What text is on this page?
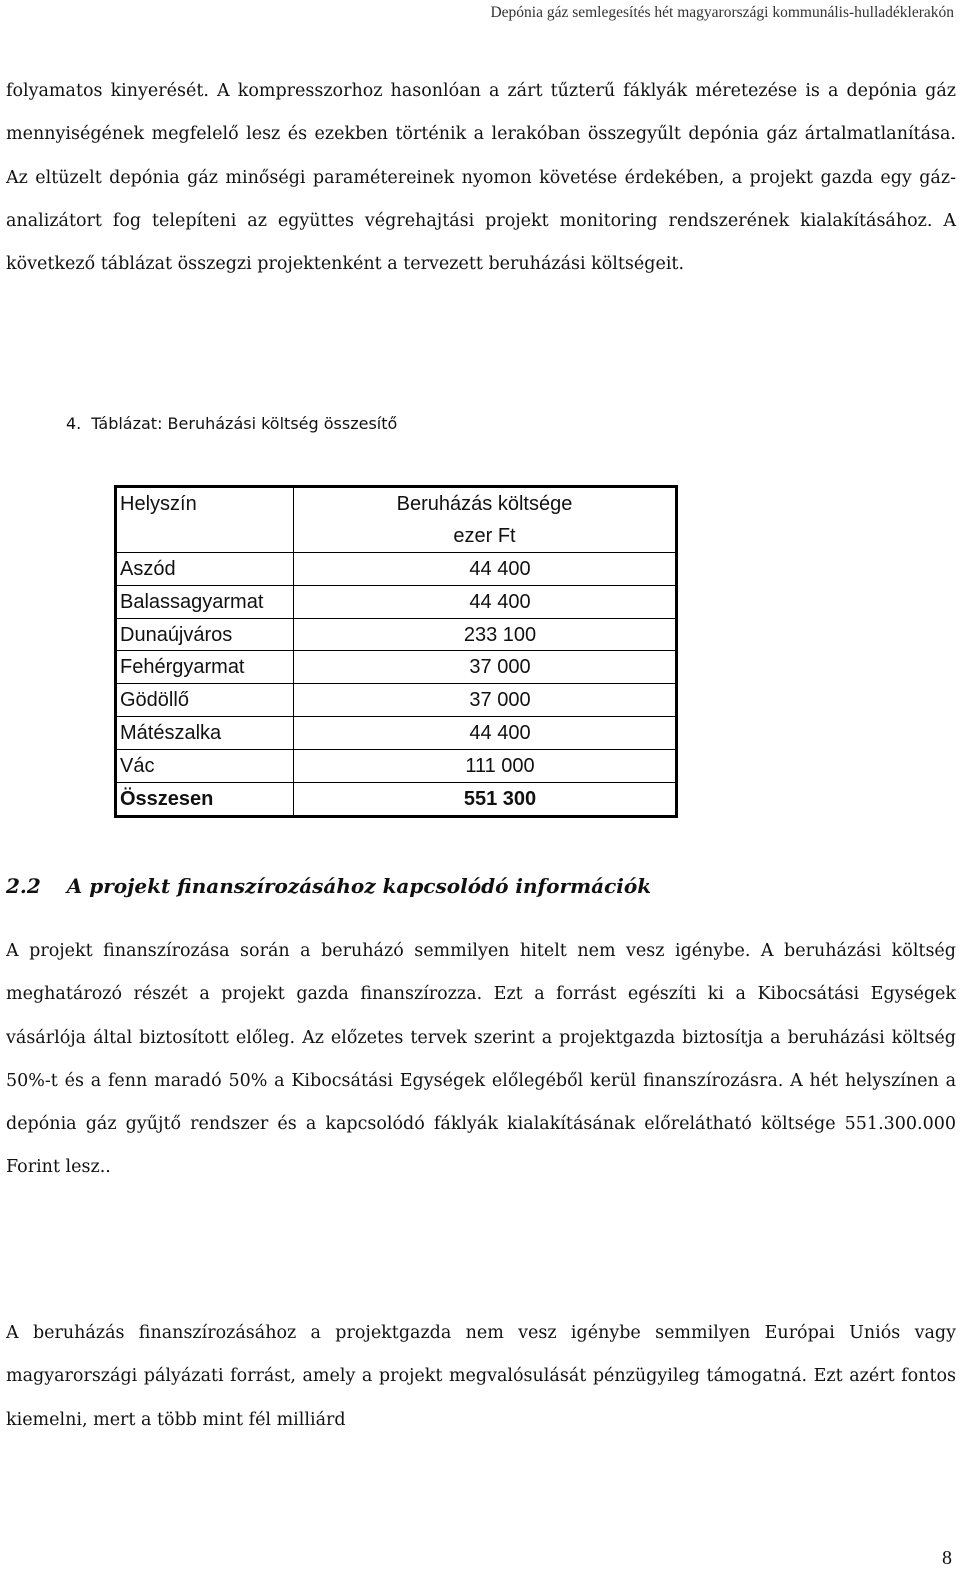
Depónia gáz semlegesítés hét magyarországi kommunális-hulladéklerakón

folyamatos kinyerését. A kompresszorhoz hasonlóan a zárt tűzterű fáklyák méretezése is a depónia gáz mennyiségének megfelelő lesz és ezekben történik a lerakóban összegyűlt depónia gáz ártalmatlanítása. Az eltüzelt depónia gáz minőségi paramétereinek nyomon követése érdekében, a projekt gazda egy gáz-analizátort fog telepíteni az együttes végrehajtási projekt monitoring rendszerének kialakításához. A következő táblázat összegzi projektenként a tervezett beruházási költségeit.

4. Táblázat: Beruházási költség összesítő
Helyszín	Beruházás költsége
	ezer Ft
Aszód	44 400
Balassagyarmat	44 400
Dunaújváros	233 100
Fehérgyarmat	37 000
Gödöllő	37 000
Mátészalka	44 400
Vác	111 000
Összesen	551 300
2.2 A projekt finanszírozásához kapcsolódó információk

A projekt finanszírozása során a beruházó semmilyen hitelt nem vesz igénybe. A beruházási költség meghatározó részét a projekt gazda finanszírozza. Ezt a forrást egészíti ki a Kibocsátási Egységek vásárlója által biztosított előleg. Az előzetes tervek szerint a projektgazda biztosítja a beruházási költség 50%-t és a fenn maradó 50% a Kibocsátási Egységek előlegéből kerül finanszírozásra. A hét helyszínen a depónia gáz gyűjtő rendszer és a kapcsolódó fáklyák kialakításának előrelátható költsége 551.300.000 Forint lesz..

A beruházás finanszírozásához a projektgazda nem vesz igénybe semmilyen Európai Uniós vagy magyarországi pályázati forrást, amely a projekt megvalósulását pénzügyileg támogatná. Ezt azért fontos kiemelni, mert a több mint fél milliárd

8
